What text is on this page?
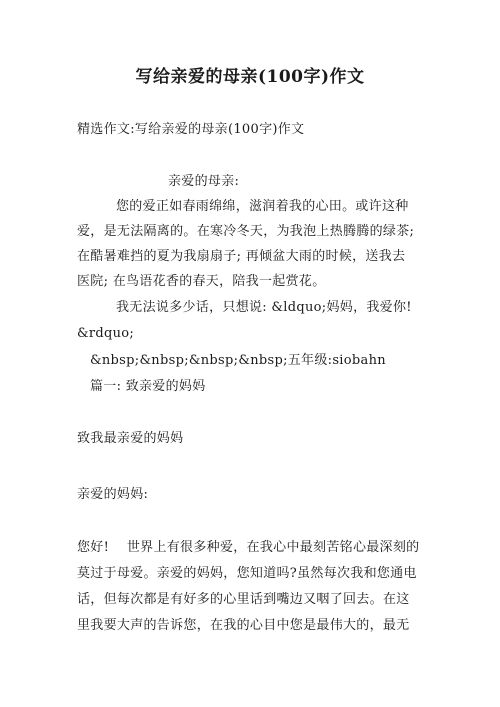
写给亲爱的母亲(100字)作文
精选作文:写给亲爱的母亲(100字)作文
亲爱的母亲:
您的爱正如春雨绵绵，滋润着我的心田。或许这种
爱，是无法隔离的。在寒冷冬天，为我泡上热腾腾的绿茶;
在酷暑难挡的夏为我扇扇子; 再倾盆大雨的时候，送我去
医院; 在鸟语花香的春天，陪我一起赏花。
我无法说多少话，只想说: &ldquo;妈妈，我爱你!
&rdquo;
&nbsp;&nbsp;&nbsp;&nbsp;五年级:siobahn
篇一: 致亲爱的妈妈
致我最亲爱的妈妈
亲爱的妈妈:
您好!    世界上有很多种爱，在我心中最刻苦铭心最深刻的
莫过于母爱。亲爱的妈妈，您知道吗?虽然每次我和您通电
话，但每次都是有好多的心里话到嘴边又咽了回去。在这
里我要大声的告诉您，在我的心目中您是最伟大的，最无
